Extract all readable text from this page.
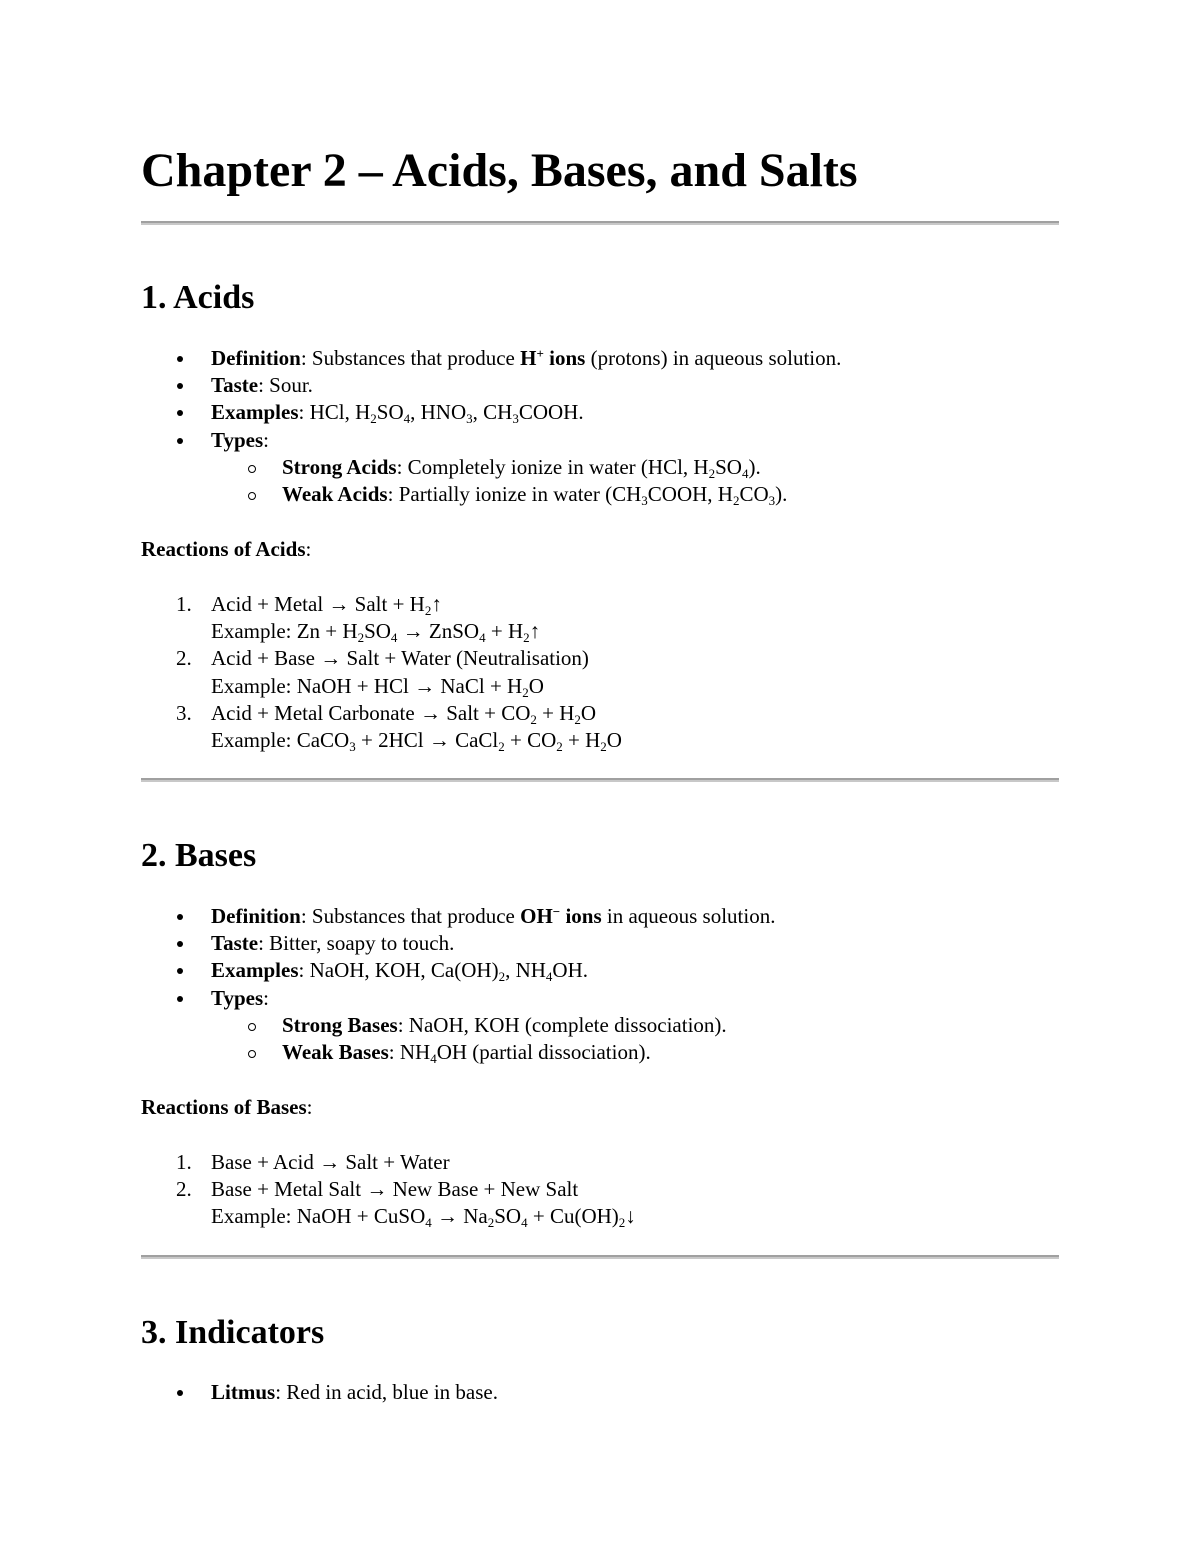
Chapter 2 – Acids, Bases, and Salts
1. Acids
Definition: Substances that produce H+ ions (protons) in aqueous solution.
Taste: Sour.
Examples: HCl, $H_2SO_4$, $HNO_3$, $CH_3COOH$.
Types:
Strong Acids: Completely ionize in water (HCl, $H_2SO_4$).
Weak Acids: Partially ionize in water ($CH_3COOH$, $H_2CO_3$).
Reactions of Acids:
1. Acid + Metal → Salt + $H_2↑$
Example: $Zn + H_2SO_4$ → ZnSO$_4$ + $H_2↑$
2. Acid + Base → Salt + Water (Neutralisation)
Example: NaOH + HCl → NaCl + $H_2O$
3. Acid + Metal Carbonate → Salt + $CO_2 + H_2O$
Example: CaCO$_3$ + 2HCl → CaCl$_2$ + $CO_2 + H_2O$
2. Bases
Definition: Substances that produce OH− ions in aqueous solution.
Taste: Bitter, soapy to touch.
Examples: NaOH, KOH, $Ca(OH)_2$, $NH_4OH$.
Types:
Strong Bases: NaOH, KOH (complete dissociation).
Weak Bases: $NH_4OH$ (partial dissociation).
Reactions of Bases:
1. Base + Acid → Salt + Water
2. Base + Metal Salt → New Base + New Salt
Example: NaOH + CuSO$_4$ → $Na_2SO_4$ + $Cu(OH)_2↓$
3. Indicators
Litmus: Red in acid, blue in base.
